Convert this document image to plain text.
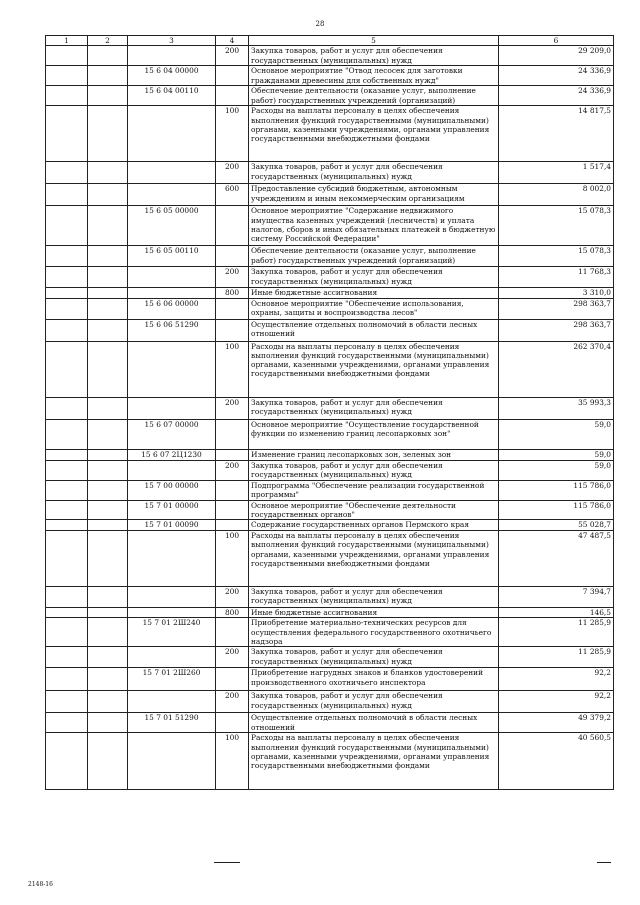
28
1	2	3	4	5	6
			200	Закупка товаров, работ и услуг для обеспечения государственных (муниципальных) нужд	29 209,0
		15 6 04 00000		Основное мероприятие "Отвод лесосек для заготовки гражданами древесины для собственных нужд"	24 336,9
		15 6 04 00110		Обеспечение деятельности (оказание услуг, выполнение работ) государственных учреждений (организаций)	24 336,9
			100	Расходы на выплаты персоналу в целях обеспечения выполнения функций государственными (муниципальными) органами, казенными учреждениями, органами управления государственными внебюджетными фондами	14 817,5
			200	Закупка товаров, работ и услуг для обеспечения государственных (муниципальных) нужд	1 517,4
			600	Предоставление субсидий бюджетным, автономным учреждениям и иным некоммерческим организациям	8 002,0
		15 6 05 00000		Основное мероприятие "Содержание недвижимого имущества казенных учреждений (лесничеств) и уплата налогов, сборов и иных обязательных платежей в бюджетную систему Российской Федерации"	15 078,3
		15 6 05 00110		Обеспечение деятельности (оказание услуг, выполнение работ) государственных учреждений (организаций)	15 078,3
			200	Закупка товаров, работ и услуг для обеспечения государственных (муниципальных) нужд	11 768,3
			800	Иные бюджетные ассигнования	3 310,0
		15 6 06 00000		Основное мероприятие "Обеспечение использования, охраны, защиты и воспроизводства лесов"	298 363,7
		15 6 06 51290		Осуществление отдельных полномочий в области лесных отношений	298 363,7
			100	Расходы на выплаты персоналу в целях обеспечения выполнения функций государственными (муниципальными) органами, казенными учреждениями, органами управления государственными внебюджетными фондами	262 370,4
			200	Закупка товаров, работ и услуг для обеспечения государственных (муниципальных) нужд	35 993,3
		15 6 07 00000		Основное мероприятие "Осуществление государственной функции по изменению границ лесопарковых зон"	59,0
		15 6 07 2Ц1230		Изменение границ лесопарковых зон, зеленых зон	59,0
			200	Закупка товаров, работ и услуг для обеспечения государственных (муниципальных) нужд	59,0
		15 7 00 00000		Подпрограмма "Обеспечение реализации государственной программы"	115 786,0
		15 7 01 00000		Основное мероприятие "Обеспечение деятельности государственных органов"	115 786,0
		15 7 01 00090		Содержание государственных органов Пермского края	55 028,7
			100	Расходы на выплаты персоналу в целях обеспечения выполнения функций государственными (муниципальными) органами, казенными учреждениями, органами управления государственными внебюджетными фондами	47 487,5
			200	Закупка товаров, работ и услуг для обеспечения государственных (муниципальных) нужд	7 394,7
			800	Иные бюджетные ассигнования	146,5
		15 7 01 2Ш240		Приобретение материально-технических ресурсов для осуществления федерального государственного охотничьего надзора	11 285,9
			200	Закупка товаров, работ и услуг для обеспечения государственных (муниципальных) нужд	11 285,9
		15 7 01 2Ш260		Приобретение нагрудных знаков и бланков удостоверений производственного охотничьего инспектора	92,2
			200	Закупка товаров, работ и услуг для обеспечения государственных (муниципальных) нужд	92,2
		15 7 01 51290		Осуществление отдельных полномочий в области лесных отношений	49 379,2
			100	Расходы на выплаты персоналу в целях обеспечения выполнения функций государственными (муниципальными) органами, казенными учреждениями, органами управления государственными внебюджетными фондами	40 560,5
2148-16
